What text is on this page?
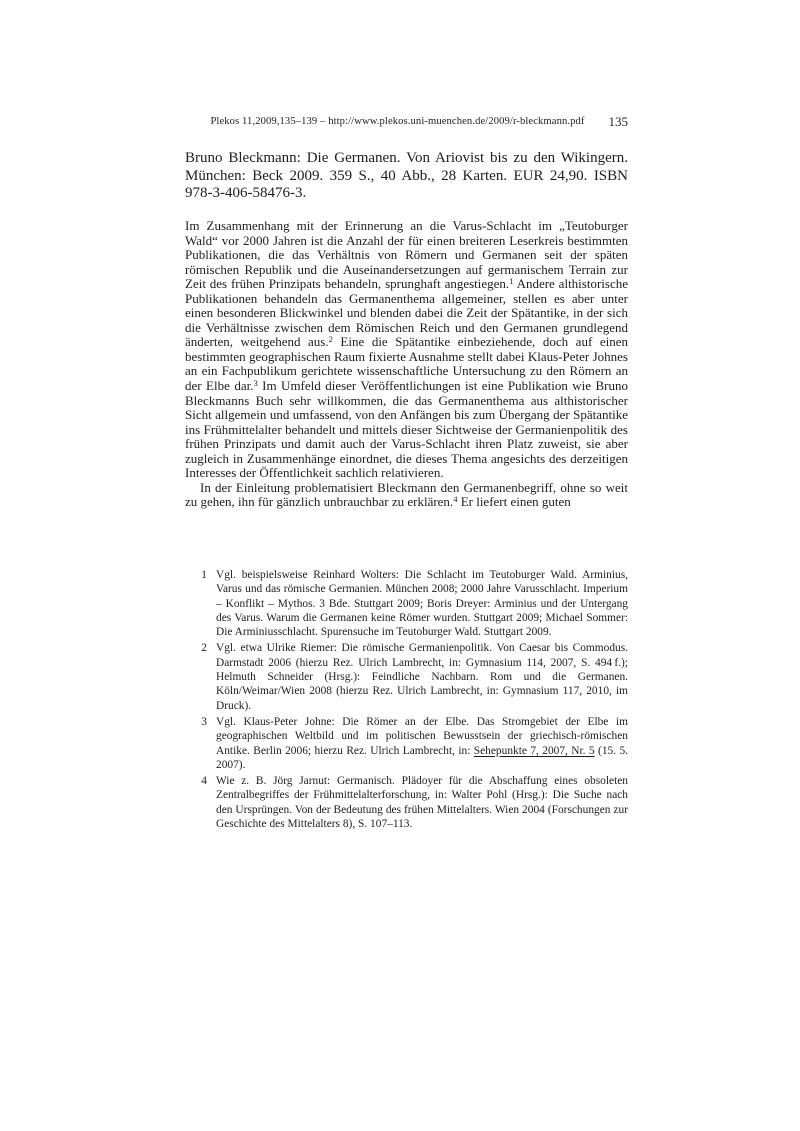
Plekos 11,2009,135–139 – http://www.plekos.uni-muenchen.de/2009/r-bleckmann.pdf	135
Bruno Bleckmann: Die Germanen. Von Ariovist bis zu den Wikingern. München: Beck 2009. 359 S., 40 Abb., 28 Karten. EUR 24,90. ISBN 978-3-406-58476-3.

Im Zusammenhang mit der Erinnerung an die Varus-Schlacht im „Teutoburger Wald“ vor 2000 Jahren ist die Anzahl der für einen breiteren Leserkreis bestimmten Publikationen, die das Verhältnis von Römern und Germanen seit der späten römischen Republik und die Auseinandersetzungen auf germanischem Terrain zur Zeit des frühen Prinzipats behandeln, sprunghaft angestiegen.$^1$ Andere althistorische Publikationen behandeln das Germanenthema allgemeiner, stellen es aber unter einen besonderen Blickwinkel und blenden dabei die Zeit der Spätantike, in der sich die Verhältnisse zwischen dem Römischen Reich und den Germanen grundlegend änderten, weitgehend aus.$^2$ Eine die Spätantike einbeziehende, doch auf einen bestimmten geographischen Raum fixierte Ausnahme stellt dabei Klaus-Peter Johnes an ein Fachpublikum gerichtete wissenschaftliche Untersuchung zu den Römern an der Elbe dar.$^3$ Im Umfeld dieser Veröffentlichungen ist eine Publikation wie Bruno Bleckmanns Buch sehr willkommen, die das Germanenthema aus althistorischer Sicht allgemein und umfassend, von den Anfängen bis zum Übergang der Spätantike ins Frühmittelalter behandelt und mittels dieser Sichtweise der Germanienpolitik des frühen Prinzipats und damit auch der Varus-Schlacht ihren Platz zuweist, sie aber zugleich in Zusammenhänge einordnet, die dieses Thema angesichts des derzeitigen Interesses der Öffentlichkeit sachlich relativieren.

In der Einleitung problematisiert Bleckmann den Germanenbegriff, ohne so weit zu gehen, ihn für gänzlich unbrauchbar zu erklären.$^4$ Er liefert einen guten

1 Vgl. beispielsweise Reinhard Wolters: Die Schlacht im Teutoburger Wald. Arminius, Varus und das römische Germanien. München 2008; 2000 Jahre Varusschlacht. Imperium – Konflikt – Mythos. 3 Bde. Stuttgart 2009; Boris Dreyer: Arminius und der Untergang des Varus. Warum die Germanen keine Römer wurden. Stuttgart 2009; Michael Sommer: Die Arminiusschlacht. Spurensuche im Teutoburger Wald. Stuttgart 2009.
2 Vgl. etwa Ulrike Riemer: Die römische Germanienpolitik. Von Caesar bis Commodus. Darmstadt 2006 (hierzu Rez. Ulrich Lambrecht, in: Gymnasium 114, 2007, S. 494 f.); Helmuth Schneider (Hrsg.): Feindliche Nachbarn. Rom und die Germanen. Köln/Weimar/Wien 2008 (hierzu Rez. Ulrich Lambrecht, in: Gymnasium 117, 2010, im Druck).
3 Vgl. Klaus-Peter Johne: Die Römer an der Elbe. Das Stromgebiet der Elbe im geographischen Weltbild und im politischen Bewusstsein der griechisch-römischen Antike. Berlin 2006; hierzu Rez. Ulrich Lambrecht, in: Sehepunkte 7, 2007, Nr. 5 (15. 5. 2007).
4 Wie z. B. Jörg Jarnut: Germanisch. Plädoyer für die Abschaffung eines obsoleten Zentralbegriffes der Frühmittelalterforschung, in: Walter Pohl (Hrsg.): Die Suche nach den Ursprüngen. Von der Bedeutung des frühen Mittelalters. Wien 2004 (Forschungen zur Geschichte des Mittelalters 8), S. 107–113.
